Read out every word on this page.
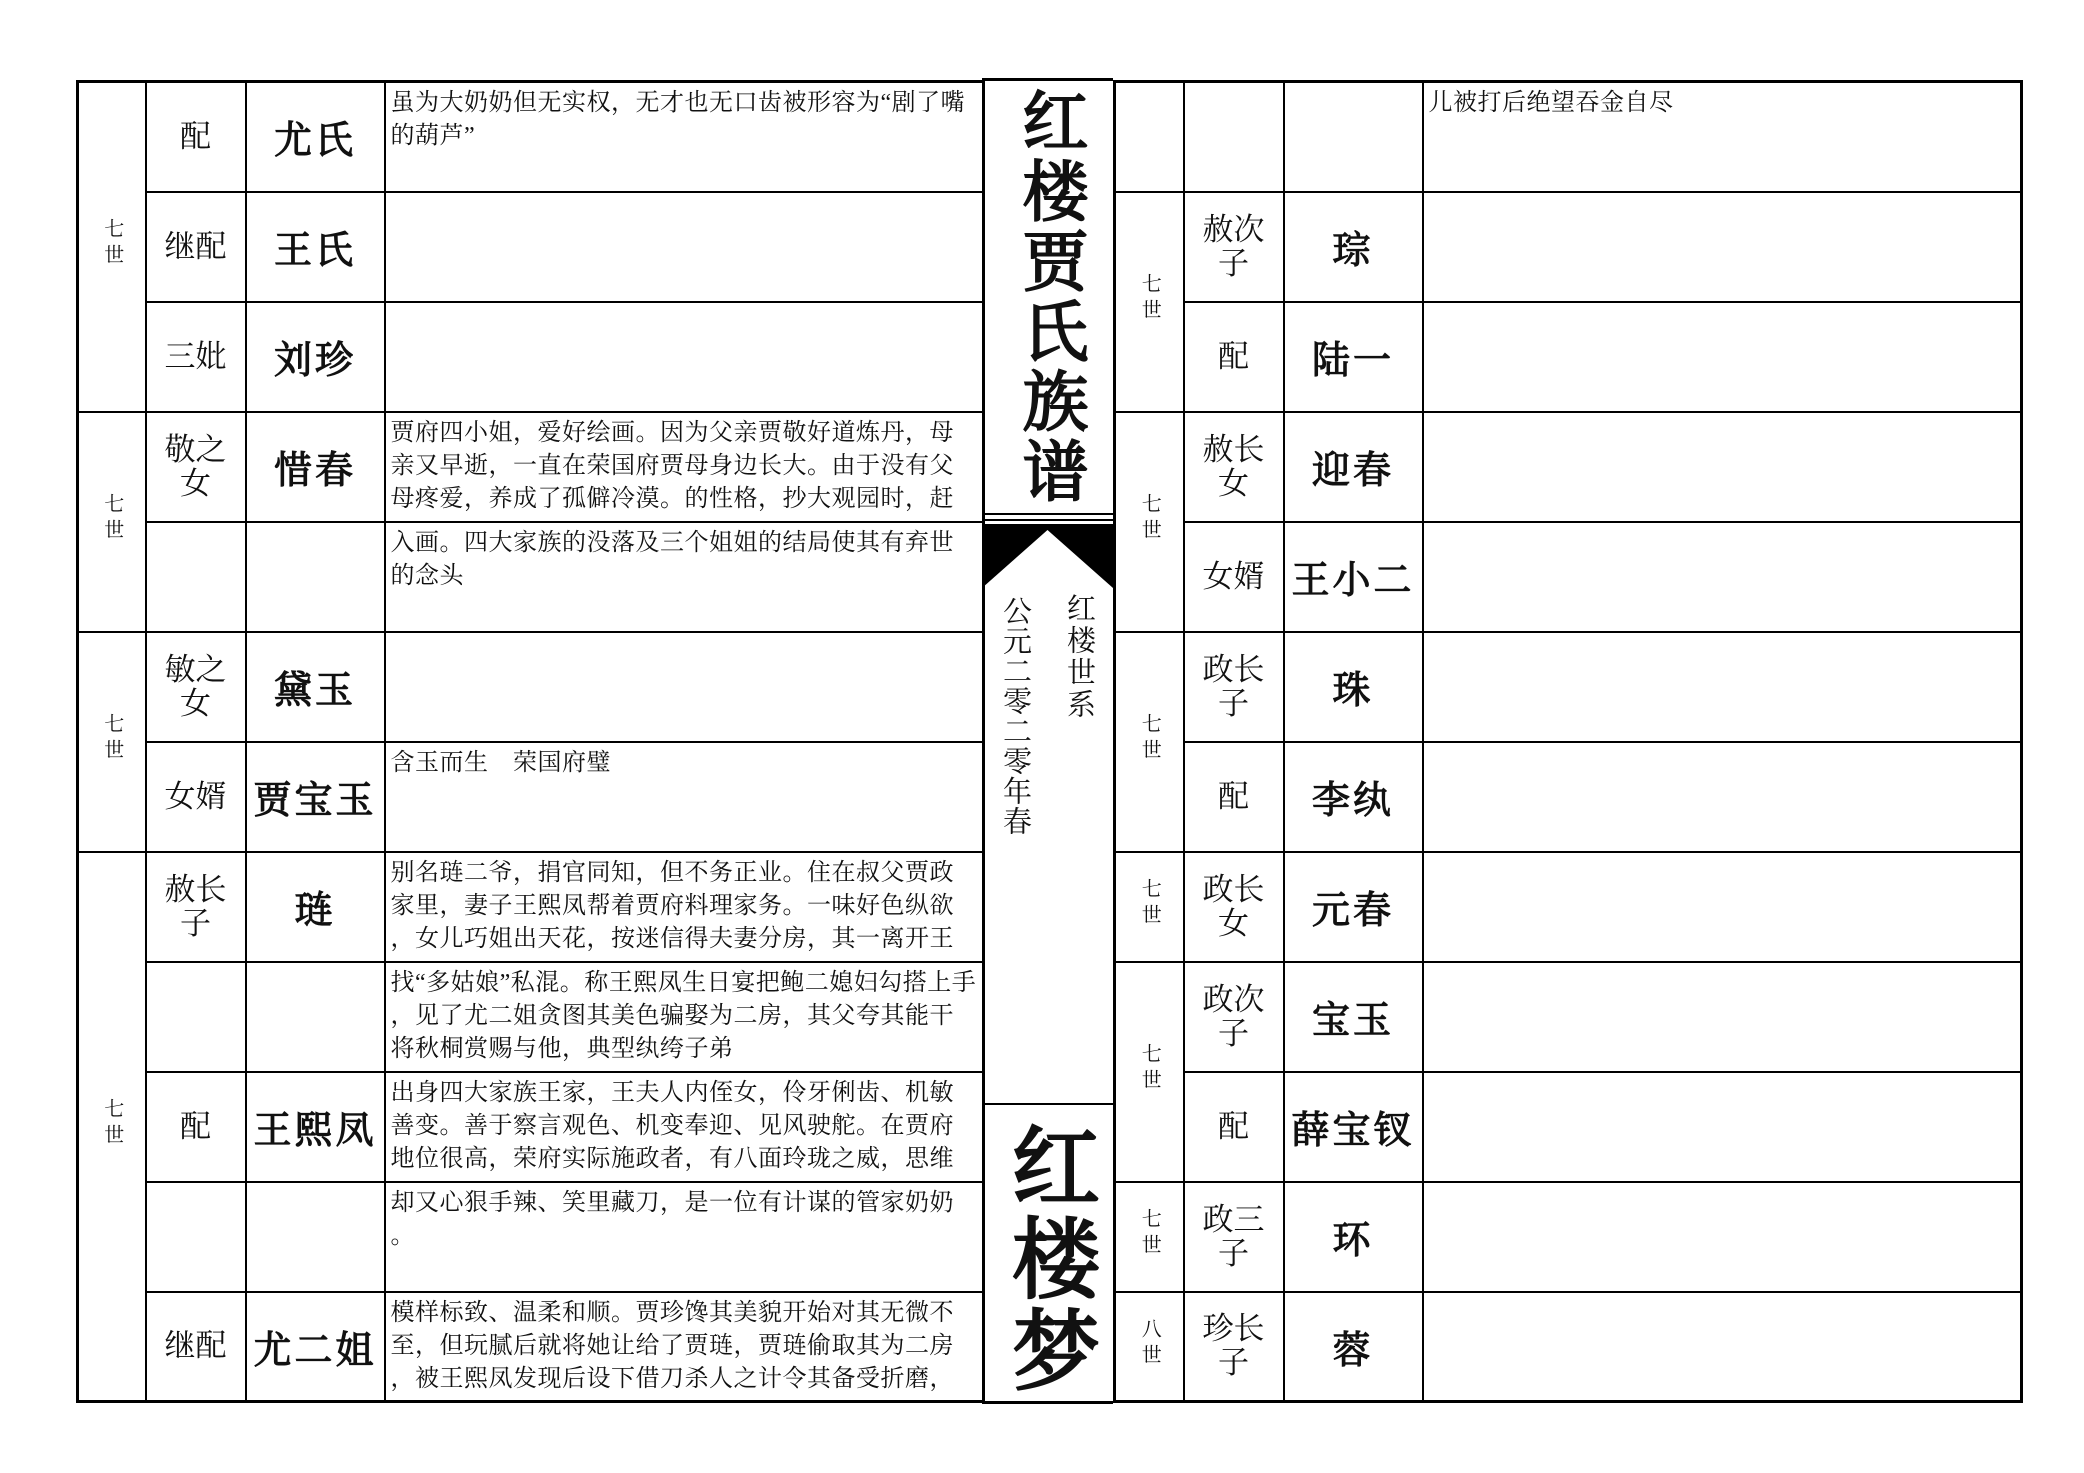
七世	配	尤氏	虽为大奶奶但无实权，无才也无口齿被形容为“剧了嘴的葫芦”

	继配	王氏	

	三妣	刘珍	

七世	敬之女	惜春	贾府四小姐，爱好绘画。因为父亲贾敬好道炼丹，母亲又早逝，一直在荣国府贾母身边长大。由于没有父母疼爱，养成了孤僻冷漠。的性格，抄大观园时，赶

			入画。四大家族的没落及三个姐姐的结局使其有弃世的念头

七世	敏之女	黛玉	

	女婿	贾宝玉	含玉而生　荣国府璧

七世	赦长子	琏	别名琏二爷，捐官同知，但不务正业。住在叔父贾政家里，妻子王熙凤帮着贾府料理家务。一味好色纵欲，女儿巧姐出天花，按迷信得夫妻分房，其一离开王

			找“多姑娘”私混。称王熙凤生日宴把鲍二媳妇勾搭上手，见了尤二姐贪图其美色骗娶为二房，其父夸其能干将秋桐赏赐与他，典型纨绔子弟

	配	王熙凤	出身四大家族王家，王夫人内侄女，伶牙俐齿、机敏善变。善于察言观色、机变奉迎、见风驶舵。在贾府地位很高，荣府实际施政者，有八面玲珑之威，思维

			却又心狠手辣、笑里藏刀，是一位有计谋的管家奶奶。

	继配	尤二姐	模样标致、温柔和顺。贾珍馋其美貌开始对其无微不至，但玩腻后就将她让给了贾琏，贾琏偷取其为二房，被王熙凤发现后设下借刀杀人之计令其备受折磨，
红楼贾氏族谱
红楼世系
公元二零二零年春
红楼梦

			儿被打后绝望吞金自尽

七世	赦次子	琮	

	配	陆一	

七世	赦长女	迎春	

	女婿	王小二	

七世	政长子	珠	

	配	李纨	

七世	政长女	元春	

七世	政次子	宝玉	

	配	薛宝钗	

七世	政三子	环	

八世	珍长子	蓉	
